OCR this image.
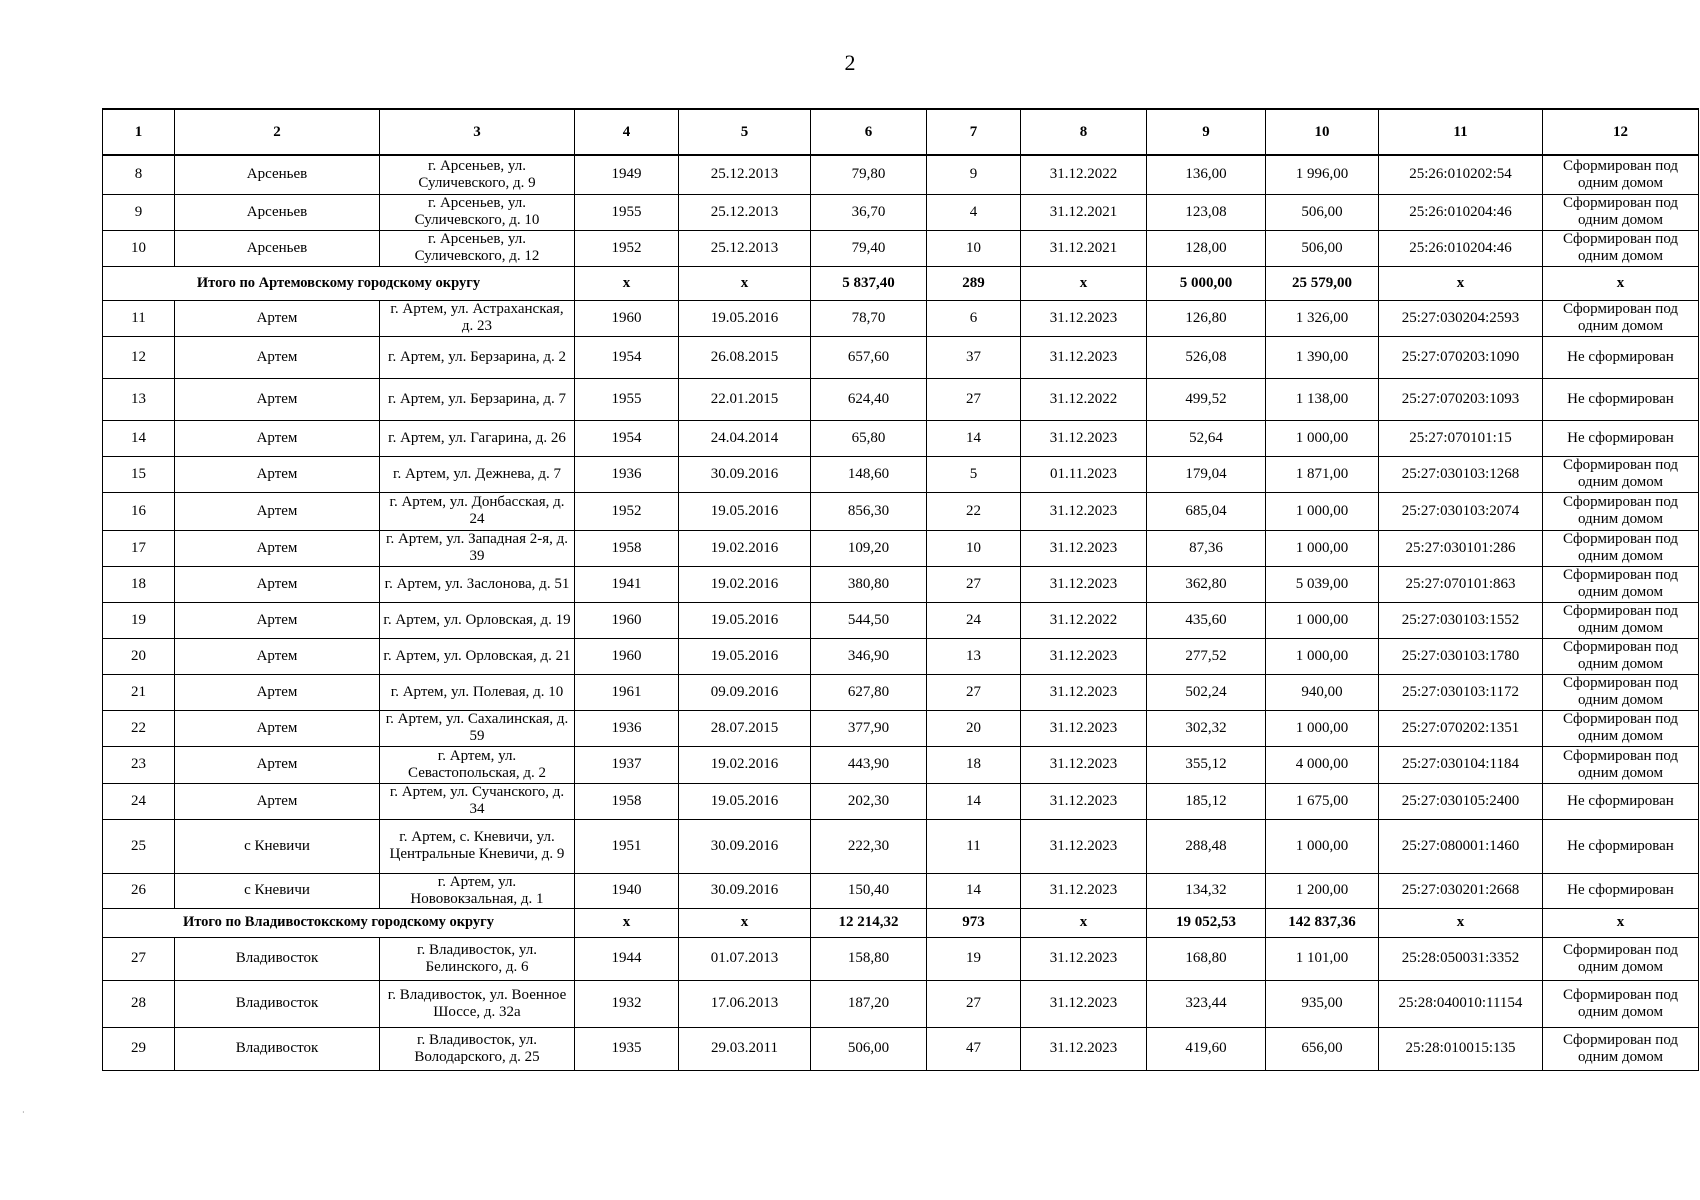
2
1	2	3	4	5	6	7	8	9	10	11	12
8	Арсеньев	г. Арсеньев, ул. Суличевского, д. 9	1949	25.12.2013	79,80	9	31.12.2022	136,00	1 996,00	25:26:010202:54	Сформирован под одним домом
9	Арсеньев	г. Арсеньев, ул. Суличевского, д. 10	1955	25.12.2013	36,70	4	31.12.2021	123,08	506,00	25:26:010204:46	Сформирован под одним домом
10	Арсеньев	г. Арсеньев, ул. Суличевского, д. 12	1952	25.12.2013	79,40	10	31.12.2021	128,00	506,00	25:26:010204:46	Сформирован под одним домом
Итого по Артемовскому городскому округу			x	x	5 837,40	289	x	5 000,00	25 579,00	x	x
11	Артем	г. Артем, ул. Астраханская, д. 23	1960	19.05.2016	78,70	6	31.12.2023	126,80	1 326,00	25:27:030204:2593	Сформирован под одним домом
12	Артем	г. Артем, ул. Берзарина, д. 2	1954	26.08.2015	657,60	37	31.12.2023	526,08	1 390,00	25:27:070203:1090	Не сформирован
13	Артем	г. Артем, ул. Берзарина, д. 7	1955	22.01.2015	624,40	27	31.12.2022	499,52	1 138,00	25:27:070203:1093	Не сформирован
14	Артем	г. Артем, ул. Гагарина, д. 26	1954	24.04.2014	65,80	14	31.12.2023	52,64	1 000,00	25:27:070101:15	Не сформирован
15	Артем	г. Артем, ул. Дежнева, д. 7	1936	30.09.2016	148,60	5	01.11.2023	179,04	1 871,00	25:27:030103:1268	Сформирован под одним домом
16	Артем	г. Артем, ул. Донбасская, д. 24	1952	19.05.2016	856,30	22	31.12.2023	685,04	1 000,00	25:27:030103:2074	Сформирован под одним домом
17	Артем	г. Артем, ул. Западная 2-я, д. 39	1958	19.02.2016	109,20	10	31.12.2023	87,36	1 000,00	25:27:030101:286	Сформирован под одним домом
18	Артем	г. Артем, ул. Заслонова, д. 51	1941	19.02.2016	380,80	27	31.12.2023	362,80	5 039,00	25:27:070101:863	Сформирован под одним домом
19	Артем	г. Артем, ул. Орловская, д. 19	1960	19.05.2016	544,50	24	31.12.2022	435,60	1 000,00	25:27:030103:1552	Сформирован под одним домом
20	Артем	г. Артем, ул. Орловская, д. 21	1960	19.05.2016	346,90	13	31.12.2023	277,52	1 000,00	25:27:030103:1780	Сформирован под одним домом
21	Артем	г. Артем, ул. Полевая, д. 10	1961	09.09.2016	627,80	27	31.12.2023	502,24	940,00	25:27:030103:1172	Сформирован под одним домом
22	Артем	г. Артем, ул. Сахалинская, д. 59	1936	28.07.2015	377,90	20	31.12.2023	302,32	1 000,00	25:27:070202:1351	Сформирован под одним домом
23	Артем	г. Артем, ул. Севастопольская, д. 2	1937	19.02.2016	443,90	18	31.12.2023	355,12	4 000,00	25:27:030104:1184	Сформирован под одним домом
24	Артем	г. Артем, ул. Сучанского, д. 34	1958	19.05.2016	202,30	14	31.12.2023	185,12	1 675,00	25:27:030105:2400	Не сформирован
25	с Кневичи	г. Артем, с. Кневичи, ул. Центральные Кневичи, д. 9	1951	30.09.2016	222,30	11	31.12.2023	288,48	1 000,00	25:27:080001:1460	Не сформирован
26	с Кневичи	г. Артем, ул. Нововокзальная, д. 1	1940	30.09.2016	150,40	14	31.12.2023	134,32	1 200,00	25:27:030201:2668	Не сформирован
Итого по Владивостокскому городскому округу			x	x	12 214,32	973	x	19 052,53	142 837,36	x	x
27	Владивосток	г. Владивосток, ул. Белинского, д. 6	1944	01.07.2013	158,80	19	31.12.2023	168,80	1 101,00	25:28:050031:3352	Сформирован под одним домом
28	Владивосток	г. Владивосток, ул. Военное Шоссе, д. 32а	1932	17.06.2013	187,20	27	31.12.2023	323,44	935,00	25:28:040010:11154	Сформирован под одним домом
29	Владивосток	г. Владивосток, ул. Володарского, д. 25	1935	29.03.2011	506,00	47	31.12.2023	419,60	656,00	25:28:010015:135	Сформирован под одним домом
·
